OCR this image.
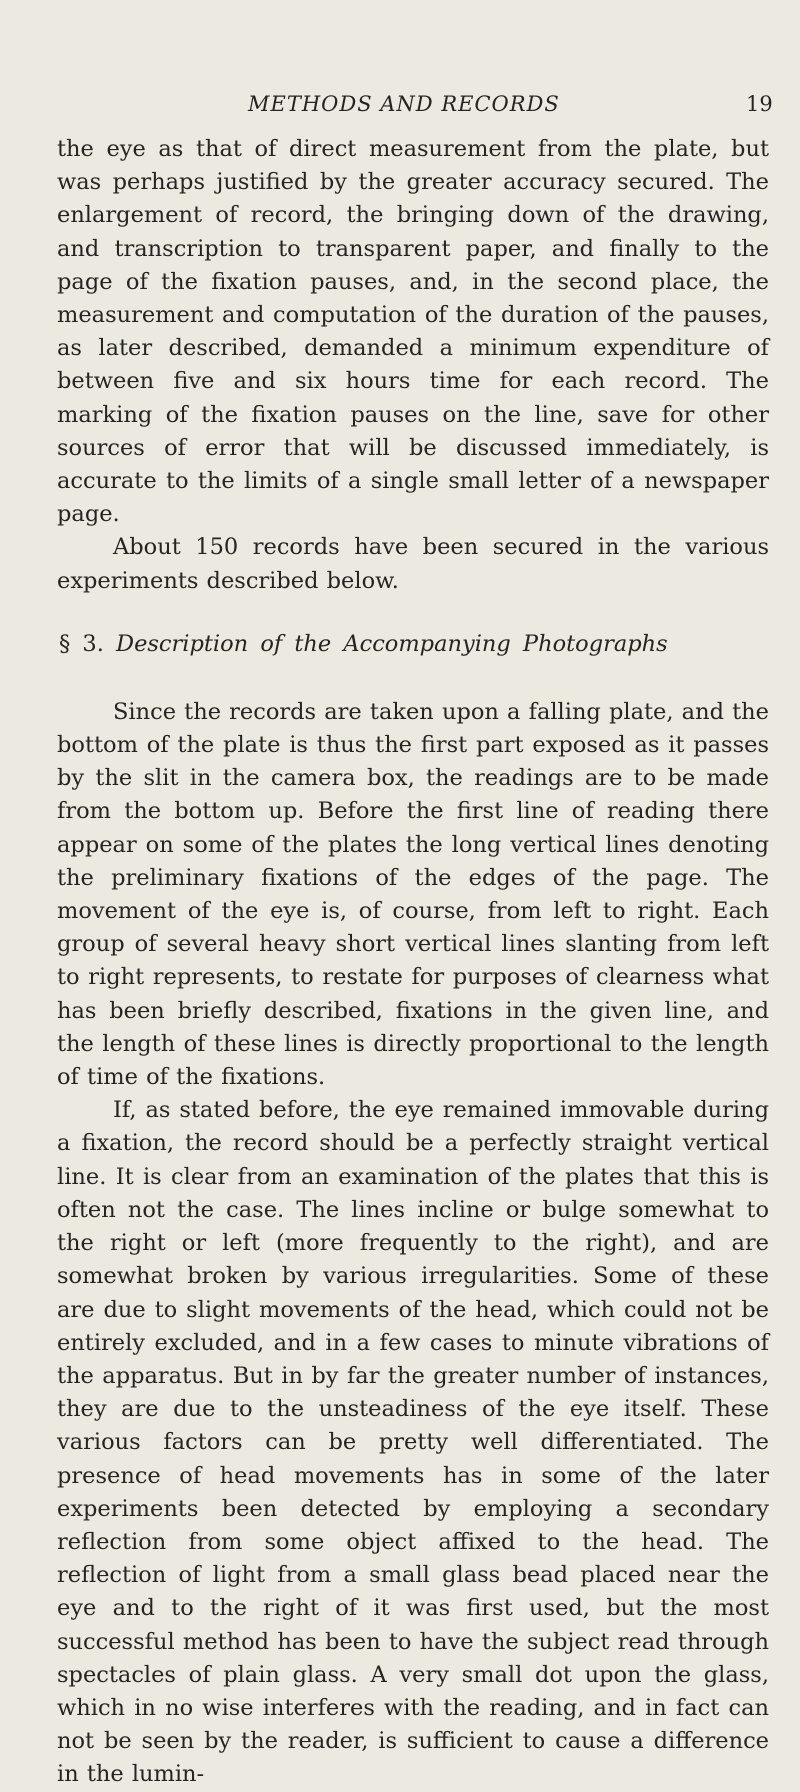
METHODS AND RECORDS	19

the eye as that of direct measurement from the plate, but was perhaps justified by the greater accuracy secured. The enlargement of record, the bringing down of the drawing, and transcription to transparent paper, and finally to the page of the fixation pauses, and, in the second place, the measurement and computation of the duration of the pauses, as later described, demanded a minimum expenditure of between five and six hours time for each record. The marking of the fixation pauses on the line, save for other sources of error that will be discussed immediately, is accurate to the limits of a single small letter of a newspaper page.

About 150 records have been secured in the various experiments described below.

§ 3. Description of the Accompanying Photographs

Since the records are taken upon a falling plate, and the bottom of the plate is thus the first part exposed as it passes by the slit in the camera box, the readings are to be made from the bottom up. Before the first line of reading there appear on some of the plates the long vertical lines denoting the preliminary fixations of the edges of the page. The movement of the eye is, of course, from left to right. Each group of several heavy short vertical lines slanting from left to right represents, to restate for purposes of clearness what has been briefly described, fixations in the given line, and the length of these lines is directly proportional to the length of time of the fixations.

If, as stated before, the eye remained immovable during a fixation, the record should be a perfectly straight vertical line. It is clear from an examination of the plates that this is often not the case. The lines incline or bulge somewhat to the right or left (more frequently to the right), and are somewhat broken by various irregularities. Some of these are due to slight movements of the head, which could not be entirely excluded, and in a few cases to minute vibrations of the apparatus. But in by far the greater number of instances, they are due to the unsteadiness of the eye itself. These various factors can be pretty well differentiated. The presence of head movements has in some of the later experiments been detected by employing a secondary reflection from some object affixed to the head. The reflection of light from a small glass bead placed near the eye and to the right of it was first used, but the most successful method has been to have the subject read through spectacles of plain glass. A very small dot upon the glass, which in no wise interferes with the reading, and in fact can not be seen by the reader, is sufficient to cause a difference in the lumin-
